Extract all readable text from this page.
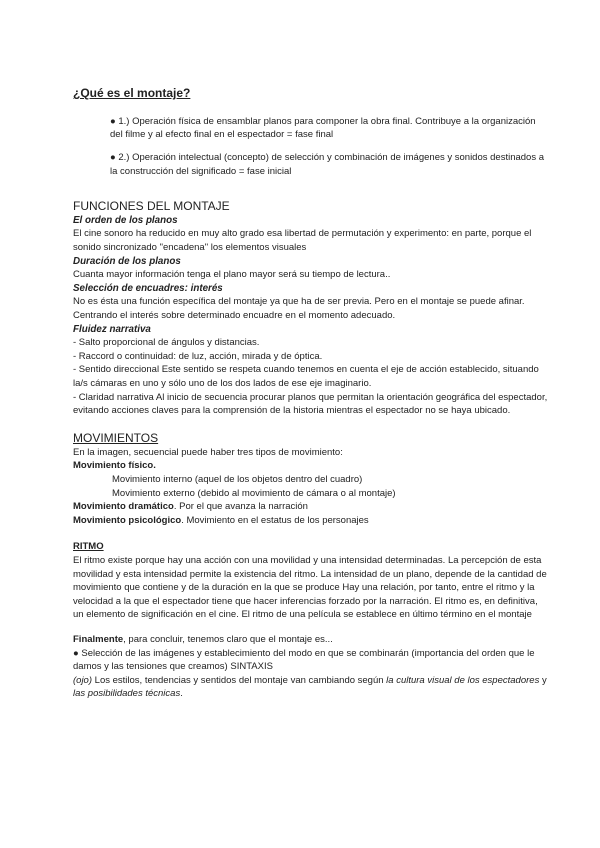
¿Qué es el montaje?

● 1.) Operación física de ensamblar planos para componer la obra final. Contribuye a la organización del filme y al efecto final en el espectador = fase final

● 2.) Operación intelectual (concepto) de selección y combinación de imágenes y sonidos destinados a la construcción del significado = fase inicial

FUNCIONES DEL MONTAJE

El orden de los planos

El cine sonoro ha reducido en muy alto grado esa libertad de permutación y experimento: en parte, porque el sonido sincronizado "encadena" los elementos visuales

Duración de los planos

Cuanta mayor información tenga el plano mayor será su tiempo de lectura..

Selección de encuadres: interés

No es ésta una función específica del montaje ya que ha de ser previa. Pero en el montaje se puede afinar. Centrando el interés sobre determinado encuadre en el momento adecuado.

Fluidez narrativa

- Salto proporcional de ángulos y distancias.

- Raccord o continuidad: de luz, acción, mirada y de óptica.

- Sentido direccional Este sentido se respeta cuando tenemos en cuenta el eje de acción establecido, situando la/s cámaras en uno y sólo uno de los dos lados de ese eje imaginario.

- Claridad narrativa Al inicio de secuencia procurar planos que permitan la orientación geográfica del espectador, evitando acciones claves para la comprensión de la historia mientras el espectador no se haya ubicado.

MOVIMIENTOS

En la imagen, secuencial puede haber tres tipos de movimiento:

Movimiento físico.

Movimiento interno (aquel de los objetos dentro del cuadro)

Movimiento externo (debido al movimiento de cámara o al montaje)

Movimiento dramático. Por el que avanza la narración

Movimiento psicológico. Movimiento en el estatus de los personajes

RITMO

El ritmo existe porque hay una acción con una movilidad y una intensidad determinadas. La percepción de esta movilidad y esta intensidad permite la existencia del ritmo. La intensidad de un plano, depende de la cantidad de movimiento que contiene y de la duración en la que se produce Hay una relación, por tanto, entre el ritmo y la velocidad a la que el espectador tiene que hacer inferencias forzado por la narración. El ritmo es, en definitiva, un elemento de significación en el cine. El ritmo de una película se establece en último término en el montaje

Finalmente, para concluir, tenemos claro que el montaje es...

● Selección de las imágenes y establecimiento del modo en que se combinarán (importancia del orden que le damos y las tensiones que creamos) SINTAXIS

(ojo) Los estilos, tendencias y sentidos del montaje van cambiando según la cultura visual de los espectadores y las posibilidades técnicas.
